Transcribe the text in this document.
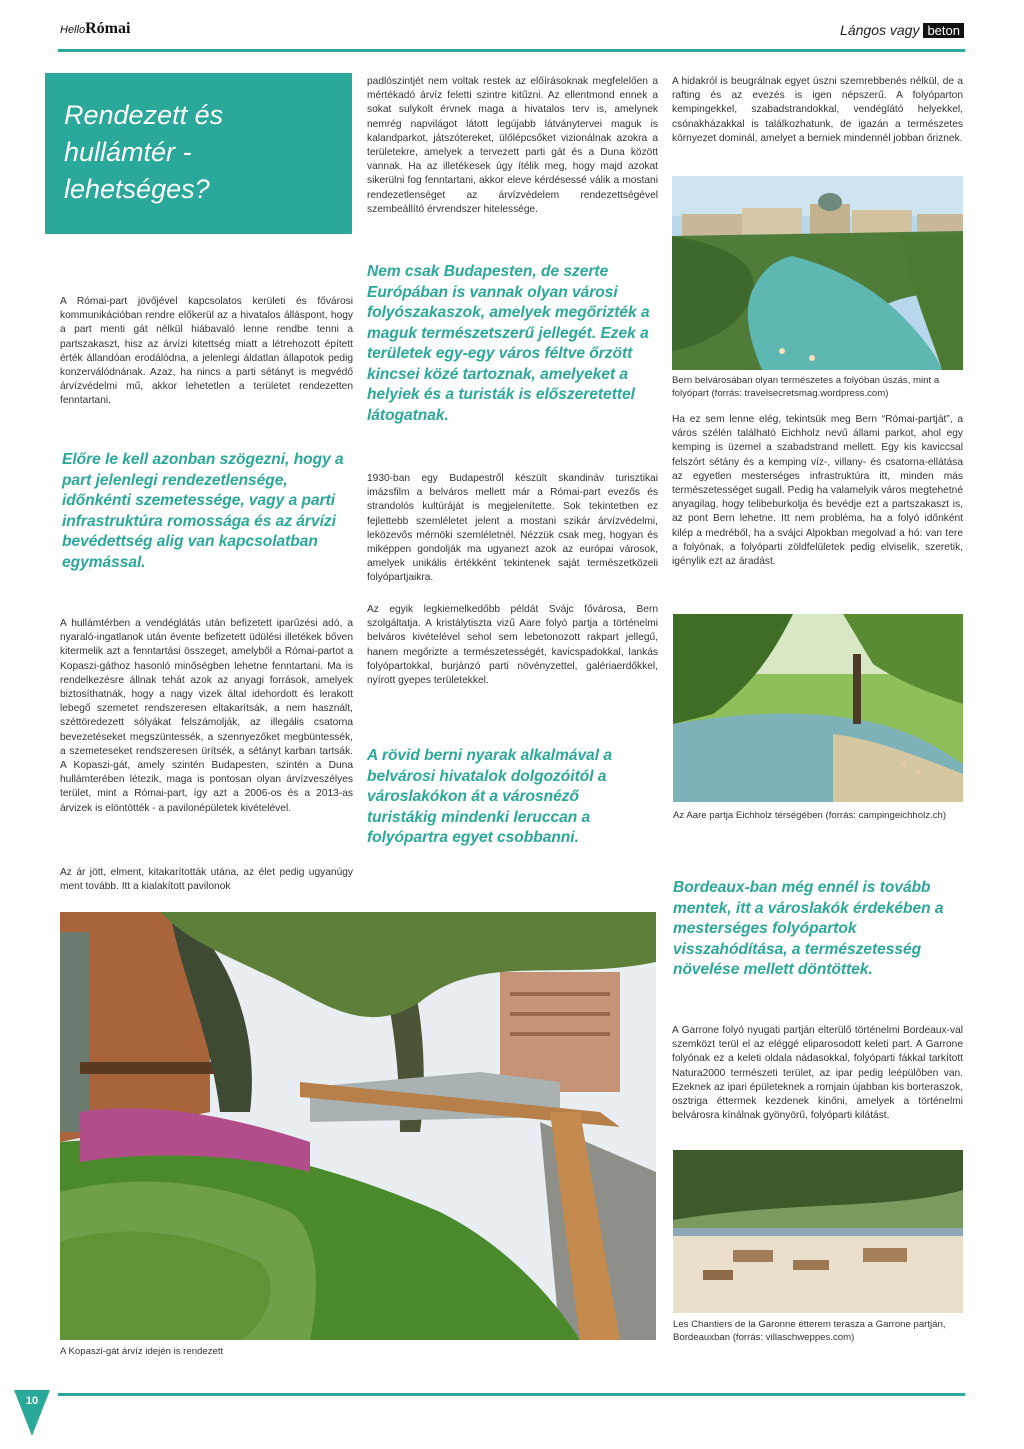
HelloRómai	Lángos vagy beton
Rendezett és hullámtér - lehetséges?
A Római-part jövőjével kapcsolatos kerületi és fővárosi kommunikációban rendre előkerül az a hivatalos álláspont, hogy a part menti gát nélkül hiábavaló lenne rendbe tenni a partszakaszt, hisz az árvízi kitettség miatt a létrehozott épített érték állandóan erodálódna, a jelenlegi áldatlan állapotok pedig konzerválódnának. Azaz, ha nincs a parti sétányt is megvédő árvízvédelmi mű, akkor lehetetlen a területet rendezetten fenntartani.
Előre le kell azonban szögezni, hogy a part jelenlegi rendezetlensége, időnkénti szemetessége, vagy a parti infrastruktúra romossága és az árvízi bevédettség alig van kapcsolatban egymással.
A hullámtérben a vendéglátás után befizetett iparűzési adó, a nyaraló-ingatlanok után évente befizetett üdülési illetékek bőven kitermelik azt a fenntartási összeget, amelyből a Római-partot a Kopaszi-gáthoz hasonló minőségben lehetne fenntartani. Ma is rendelkezésre állnak tehát azok az anyagi források, amelyek biztosíthatnák, hogy a nagy vizek által idehordott és lerakott lebegő szemetet rendszeresen eltakarítsák, a nem használt, széttöredezett sólyákat felszámolják, az illegális csatorna bevezetéseket megszüntessék, a szennyezőket megbüntessék, a szemeteseket rendszeresen ürítsék, a sétányt karban tartsák. A Kopaszi-gát, amely szintén Budapesten, szintén a Duna hullámterében létezik, maga is pontosan olyan árvízveszélyes terület, mint a Római-part, így azt a 2006-os és a 2013-as árvizek is elöntötték - a pavilonépületek kivételével.
Az ár jött, elment, kitakarították utána, az élet pedig ugyanúgy ment tovább. Itt a kialakított pavilonok
padlószintjét nem voltak restek az előírásoknak megfelelően a mértékadó árvíz feletti szintre kitűzni. Az ellentmond ennek a sokat sulykolt érvnek maga a hivatalos terv is, amelynek nemrég napvilágot látott legújabb látványtervei maguk is kalandparkot, játszótereket, ülőlépcsőket vizionálnak azokra a területekre, amelyek a tervezett parti gát és a Duna között vannak. Ha az illetékesek úgy ítélik meg, hogy majd azokat sikerülni fog fenntartani, akkor eleve kérdésessé válik a mostani rendezetlenséget az árvízvédelem rendezettségével szembeállító érvrendszer hitelessége.
Nem csak Budapesten, de szerte Európában is vannak olyan városi folyószakaszok, amelyek megőrizték a maguk természetszerű jellegét. Ezek a területek egy-egy város féltve őrzött kincsei közé tartoznak, amelyeket a helyiek és a turisták is előszeretettel látogatnak.
1930-ban egy Budapestről készült skandináv turisztikai imázsfilm a belváros mellett már a Római-part evezős és strandolós kultúráját is megjelenítette. Sok tekintetben ez fejlettebb szemléletet jelent a mostani szikár árvízvédelmi, leközevős mérnöki szemléletnél. Nézzük csak meg, hogyan és miképpen gondolják ma ugyanezt azok az európai városok, amelyek unikális értékként tekintenek saját természetközeli folyópartjaikra.
Az egyik legkiemelkedőbb példát Svájc fővárosa, Bern szolgáltatja. A kristálytiszta vizű Aare folyó partja a történelmi belváros kivételével sehol sem lebetonozott rakpart jellegű, hanem megőrizte a természetességét, kavicspadokkal, lankás folyópartokkal, burjánzó parti növényzettel, galériaerdőkkel, nyírott gyepes területekkel.
A rövid berni nyarak alkalmával a belvárosi hivatalok dolgozóitól a városlakókon át a városnéző turistákig mindenki leruccan a folyópartra egyet csobbanni.
A hidakról is beugrálnak egyet úszni szemrebbenés nélkül, de a rafting és az evezés is igen népszerű. A folyóparton kempingekkel, szabadstrandokkal, vendéglátó helyekkel, csónakházakkal is találkozhatunk, de igazán a természetes környezet dominál, amelyet a berniek mindennél jobban őriznek.
Bern belvárosában olyan természetes a folyóban úszás, mint a folyópart (forrás: travelsecretsmag.wordpress.com)
Ha ez sem lenne elég, tekintsük meg Bern “Római-partját”, a város szélén található Eichholz nevű állami parkot, ahol egy kemping is üzemel a szabadstrand mellett. Egy kis kaviccsal felszórt sétány és a kemping víz-, villany- és csatorna-ellátása az egyetlen mesterséges infrastruktúra itt, minden más természetességet sugall. Pedig ha valamelyik város megtehetné anyagilag, hogy telibeburkolja és bevédje ezt a partszakaszt is, az pont Bern lehetne. Itt nem probléma, ha a folyó időnként kilép a medréből, ha a svájci Alpokban megolvad a hó: van tere a folyónak, a folyóparti zöldfelületek pedig elviselik, szeretik, igénylik ezt az áradást.
Az Aare partja Eichholz térségében (forrás: campingeichholz.ch)
Bordeaux-ban még ennél is tovább mentek, itt a városlakók érdekében a mesterséges folyópartok visszahódítása, a természetesség növelése mellett döntöttek.
A Garrone folyó nyugati partján elterülő történelmi Bordeaux-val szemközt terül el az eléggé eliparosodott keleti part. A Garrone folyónak ez a keleti oldala nádasokkal, folyóparti fákkal tarkított Natura2000 természeti terület, az ipar pedig leépülőben van. Ezeknek az ipari épületeknek a romjain újabban kis borteraszok, osztriga éttermek kezdenek kinőni, amelyek a történelmi belvárosra kínálnak gyönyörű, folyóparti kilátást.
Les Chantiers de la Garonne étterem terasza a Garrone partján, Bordeauxban (forrás: villaschweppes.com)
A Kopaszi-gát árvíz idején is rendezett
10
